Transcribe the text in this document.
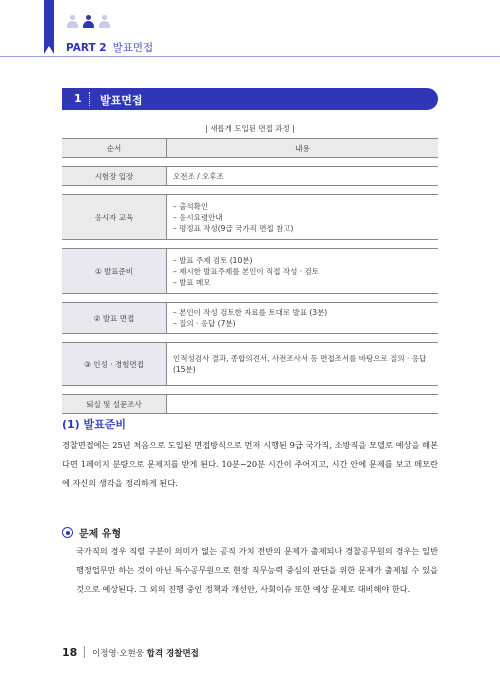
PART 2 발표면접
1 발표면접
| 새롭게 도입된 면접 과정 |
순서	내용
시험장 입장	오전조 / 오후조
응시자 교육
– 출석확인
– 응시요령안내
– 평정표 작성(9급 국가직 면접 참고)
① 발표준비
– 발표 주제 검토 (10분)
– 제시한 발표주제를 본인이 직접 작성 · 검토
– 발표 메모
② 발표 면접
– 본인이 작성 검토한 자료를 토대로 발표 (3분)
– 질의 · 응답 (7분)
③ 인성 · 경험면접
인적성검사 결과, 종합의견서, 사전조사서 등 면접조서를 바탕으로 질의 · 응답
(15분)
퇴실 및 설문조사
(1) 발표준비
경찰면접에는 25년 처음으로 도입된 면접방식으로 먼저 시행된 9급 국가직, 소방직을 모델로 예상을 해본다면 1페이지 분량으로 문제지를 받게 된다. 10분~20분 시간이 주어지고, 시간 안에 문제를 보고 메모란에 자신의 생각을 정리하게 된다.
문제 유형
국가직의 경우 직렬 구분이 의미가 없는 공직 가치 전반의 문제가 출제되나 경찰공무원의 경우는 일반 행정업무만 하는 것이 아닌 특수공무원으로 현장 직무능력 중심의 판단을 위한 문제가 출제될 수 있을 것으로 예상된다. 그 외의 진행 중인 정책과 개선안, 사회이슈 또한 예상 문제로 대비해야 한다.
18 이정영·오현웅 합격 경찰면접
